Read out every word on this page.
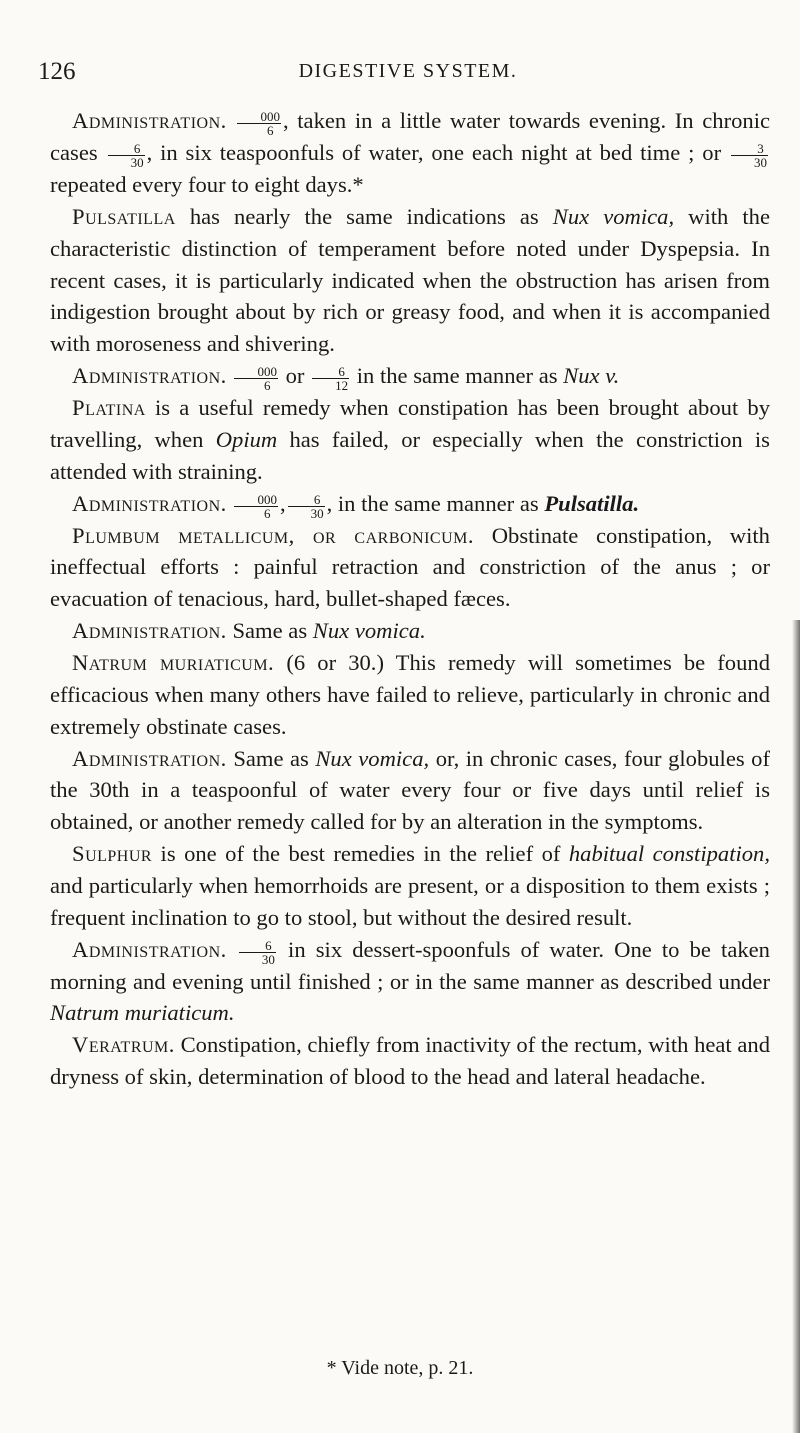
126	DIGESTIVE SYSTEM.

Administration. $\frac{000}{6}$ , taken in a little water towards evening. In chronic cases $\frac{6}{30}$ , in six teaspoonfuls of water, one each night at bed time ; or $\frac{3}{30}$
repeated every four to eight days.*

Pulsatilla has nearly the same indications as Nux vomica, with the characteristic distinction of temperament before noted under Dyspepsia. In recent cases, it is particularly indicated when the obstruction has arisen from indigestion brought about by rich or greasy food, and when it is accompanied with moroseness and shivering.

Administration. $\frac{000}{6}$ or $\frac{6}{12}$ in the same manner as Nux v.

Platina is a useful remedy when constipation has been brought about by travelling, when Opium has failed, or especially when the constriction is attended with straining.

Administration. $\frac{000}{6}$ , $\frac{6}{30}$ , in the same manner as Pulsatilla.

Plumbum metallicum, or carbonicum. Obstinate constipation, with ineffectual efforts : painful retraction and constriction of the anus ; or evacuation of tenacious, hard, bullet-shaped fæces.

Administration. Same as Nux vomica.

Natrum muriaticum. (6 or 30.) This remedy will sometimes be found efficacious when many others have failed to relieve, particularly in chronic and extremely obstinate cases.

Administration. Same as Nux vomica, or, in chronic cases, four globules of the 30th in a teaspoonful of water every four or five days until relief is obtained, or another remedy called for by an alteration in the symptoms.

Sulphur is one of the best remedies in the relief of habitual constipation, and particularly when hemorrhoids are present, or a disposition to them exists ; frequent inclination to go to stool, but without the desired result.

Administration. $\frac{6}{30}$ in six dessert-spoonfuls of water. One to be taken morning and evening until finished ; or in the same manner as described under Natrum muriaticum.

Veratrum. Constipation, chiefly from inactivity of the rectum, with heat and dryness of skin, determination of blood to the head and lateral headache.

* Vide note, p. 21.
